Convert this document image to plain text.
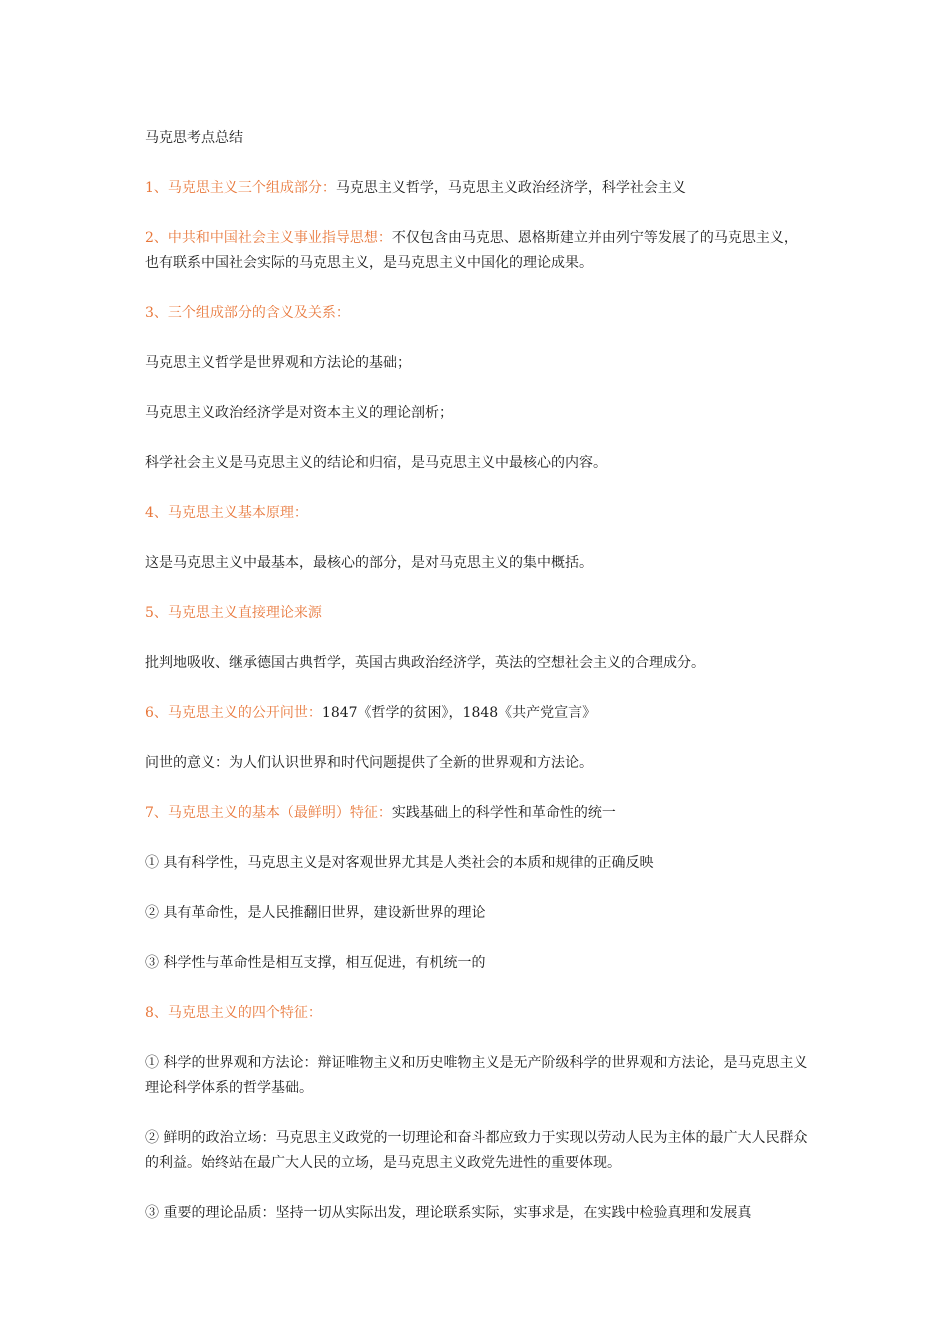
马克思考点总结

1、马克思主义三个组成部分：马克思主义哲学，马克思主义政治经济学，科学社会主义

2、中共和中国社会主义事业指导思想：不仅包含由马克思、恩格斯建立并由列宁等发展了的马克思主义，也有联系中国社会实际的马克思主义，是马克思主义中国化的理论成果。

3、三个组成部分的含义及关系：

马克思主义哲学是世界观和方法论的基础；

马克思主义政治经济学是对资本主义的理论剖析；

科学社会主义是马克思主义的结论和归宿，是马克思主义中最核心的内容。

4、马克思主义基本原理：

这是马克思主义中最基本，最核心的部分，是对马克思主义的集中概括。

5、马克思主义直接理论来源

批判地吸收、继承德国古典哲学，英国古典政治经济学，英法的空想社会主义的合理成分。

6、马克思主义的公开问世：1847《哲学的贫困》，1848《共产党宣言》

问世的意义：为人们认识世界和时代问题提供了全新的世界观和方法论。

7、马克思主义的基本（最鲜明）特征：实践基础上的科学性和革命性的统一

① 具有科学性，马克思主义是对客观世界尤其是人类社会的本质和规律的正确反映

② 具有革命性，是人民推翻旧世界，建设新世界的理论

③ 科学性与革命性是相互支撑，相互促进，有机统一的

8、马克思主义的四个特征：

① 科学的世界观和方法论：辩证唯物主义和历史唯物主义是无产阶级科学的世界观和方法论，是马克思主义理论科学体系的哲学基础。

② 鲜明的政治立场：马克思主义政党的一切理论和奋斗都应致力于实现以劳动人民为主体的最广大人民群众的利益。始终站在最广大人民的立场，是马克思主义政党先进性的重要体现。

③ 重要的理论品质：坚持一切从实际出发，理论联系实际，实事求是，在实践中检验真理和发展真
